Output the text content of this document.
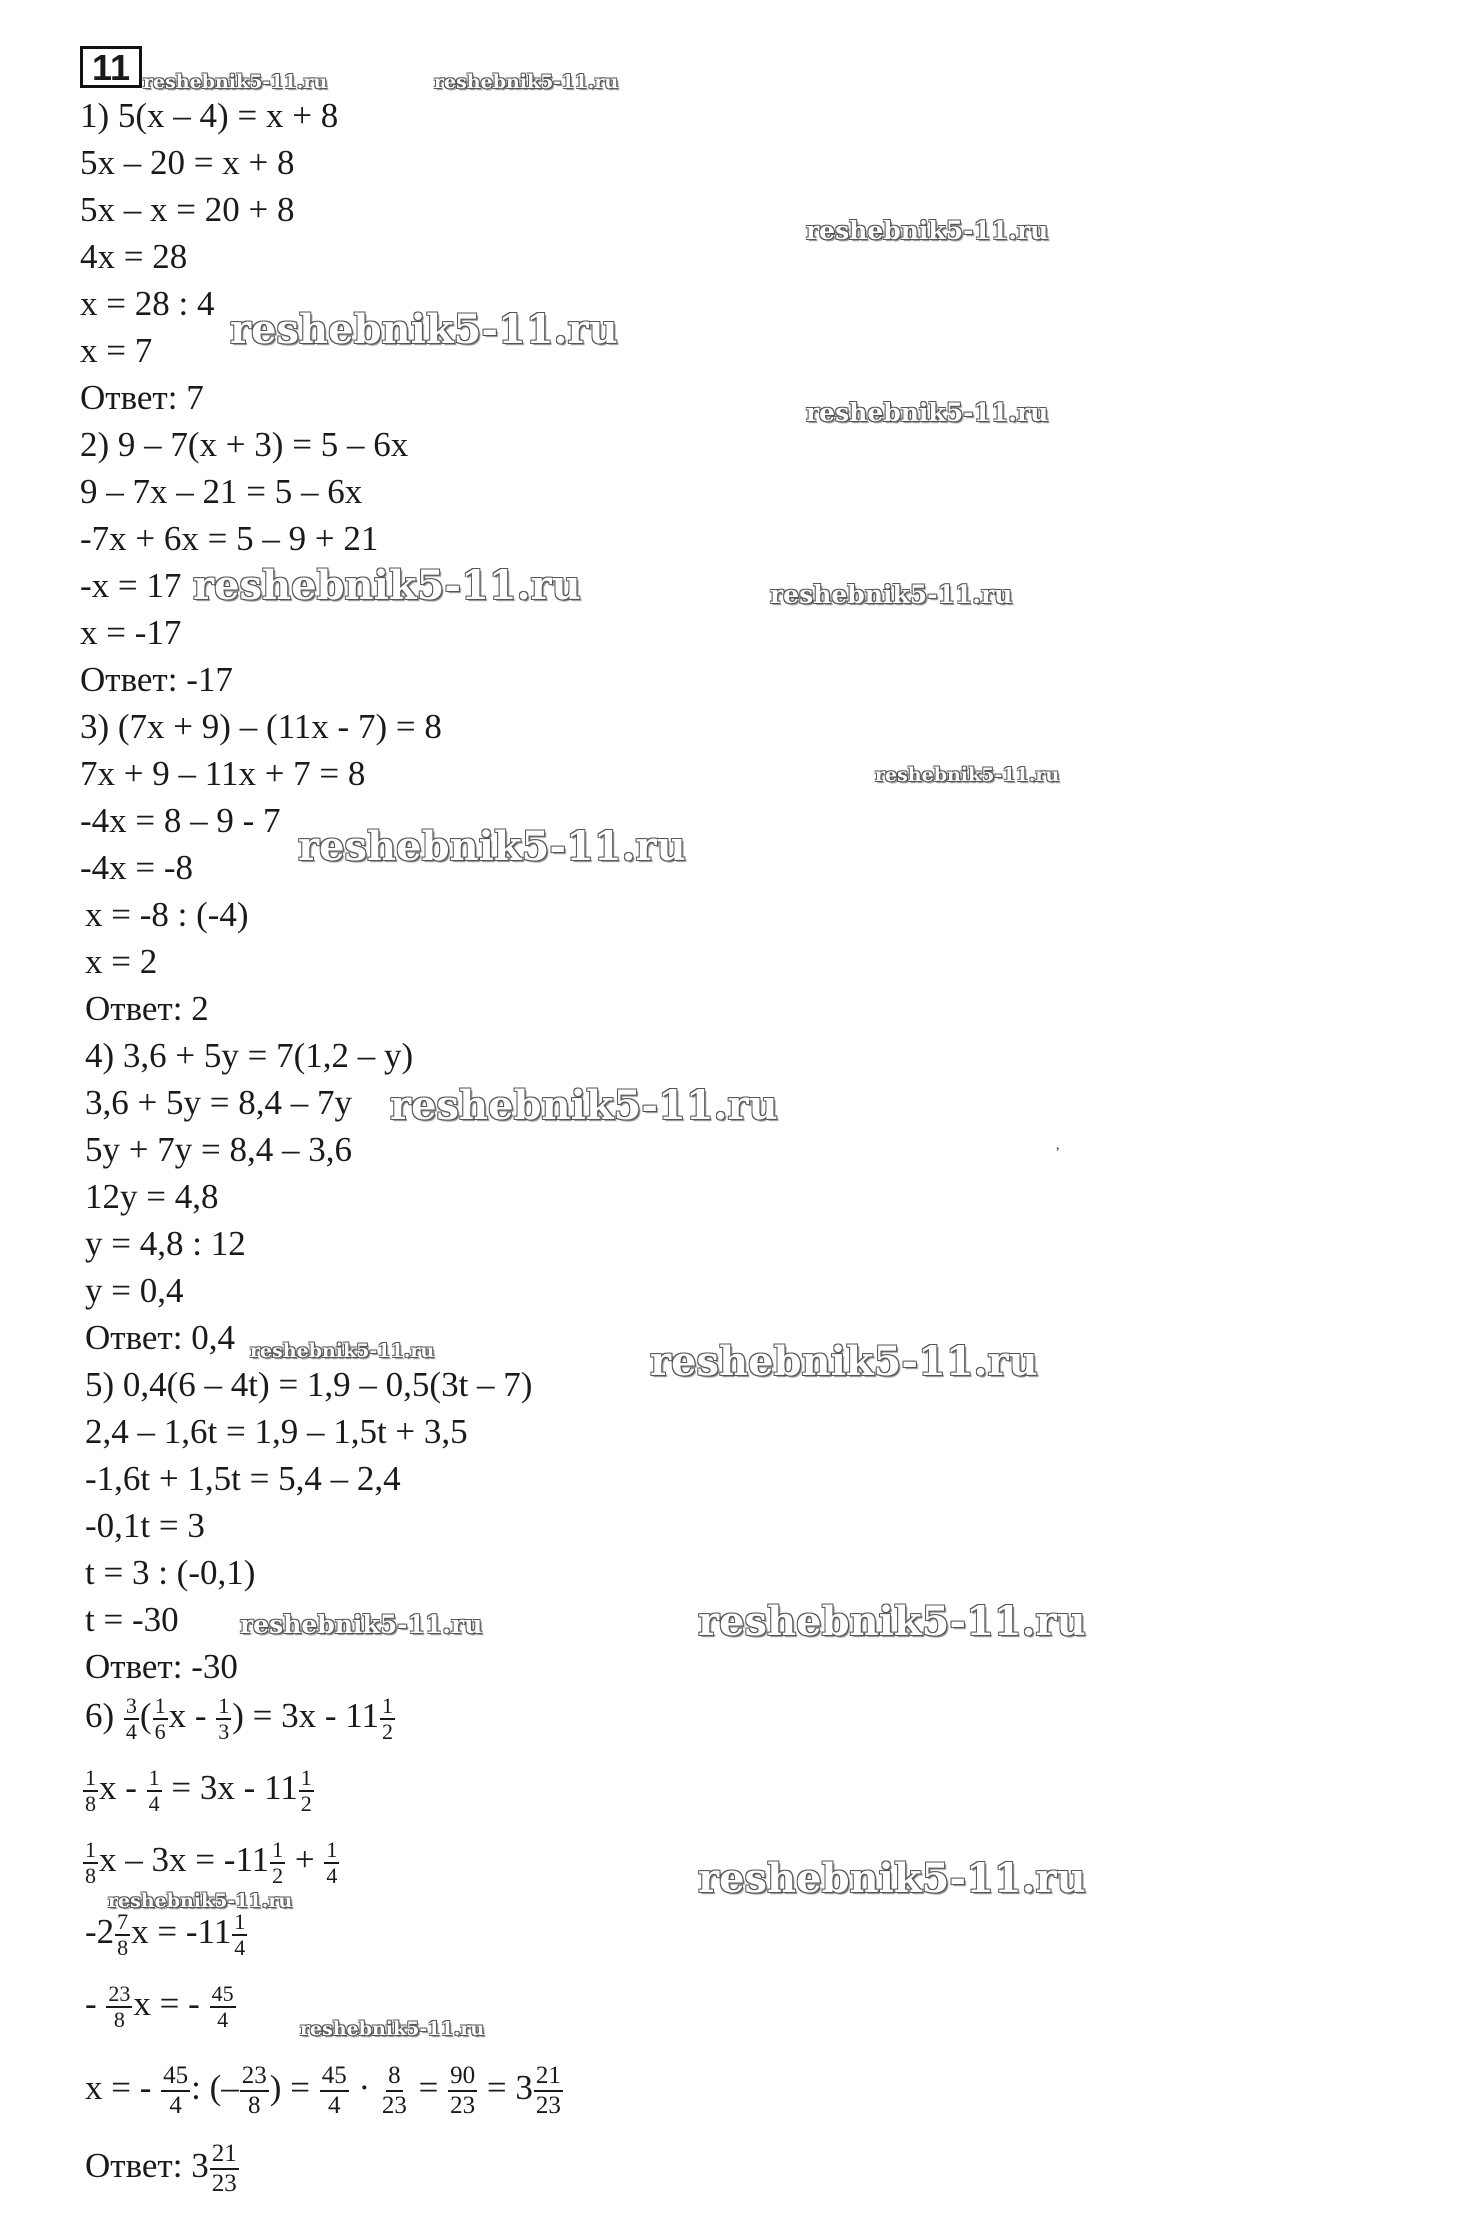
11
1) 5(x – 4) = x + 8
5x – 20 = x + 8
5x – x = 20 + 8
4x = 28
x = 28 : 4
x = 7
Ответ: 7
2) 9 – 7(x + 3) = 5 – 6x
9 – 7x – 21 = 5 – 6x
-7x + 6x = 5 – 9 + 21
-x = 17
x = -17
Ответ: -17
3) (7x + 9) – (11x - 7) = 8
7x + 9 – 11x + 7 = 8
-4x = 8 – 9 - 7
-4x = -8
x = -8 : (-4)
x = 2
Ответ: 2
4) 3,6 + 5y = 7(1,2 – y)
3,6 + 5y = 8,4 – 7y
5y + 7y = 8,4 – 3,6
12y = 4,8
y = 4,8 : 12
y = 0,4
Ответ: 0,4
5) 0,4(6 – 4t) = 1,9 – 0,5(3t – 7)
2,4 – 1,6t = 1,9 – 1,5t + 3,5
-1,6t + 1,5t = 5,4 – 2,4
-0,1t = 3
t = 3 : (-0,1)
t = -30
Ответ: -30
$6) \frac{3}{4}$ ( $\frac{1}{6}$ x - $\frac{1}{3}$ ) = $3x - 11 \frac{1}{2}$
$\frac{1}{8}$ $x - \frac{1}{4} = 3x - 11 \frac{1}{2}$
$\frac{1}{8}$ $x - 3x = -11 \frac{1}{2} + \frac{1}{4}$
$-2 \frac{7}{8}$ $x = -11 \frac{1}{4}$
- $\frac{23}{8}$ x = - $\frac{45}{4}$
x = - $\frac{45}{4}$ : (– $\frac{23}{8}$ ) = $\frac{45}{4} \cdot \frac{8}{23} = \frac{90}{23} = 3 \frac{21}{23}$
Ответ: $3 \frac{21}{23}$
reshebnik5-11.ru	reshebnik5-11.ru
reshebnik5-11.ru
reshebnik5-11.ru
reshebnik5-11.ru
reshebnik5-11.ru	reshebnik5-11.ru
reshebnik5-11.ru
reshebnik5-11.ru
reshebnik5-11.ru
reshebnik5-11.ru	reshebnik5-11.ru
reshebnik5-11.ru	reshebnik5-11.ru
reshebnik5-11.ru
reshebnik5-11.ru
reshebnik5-11.ru
,
